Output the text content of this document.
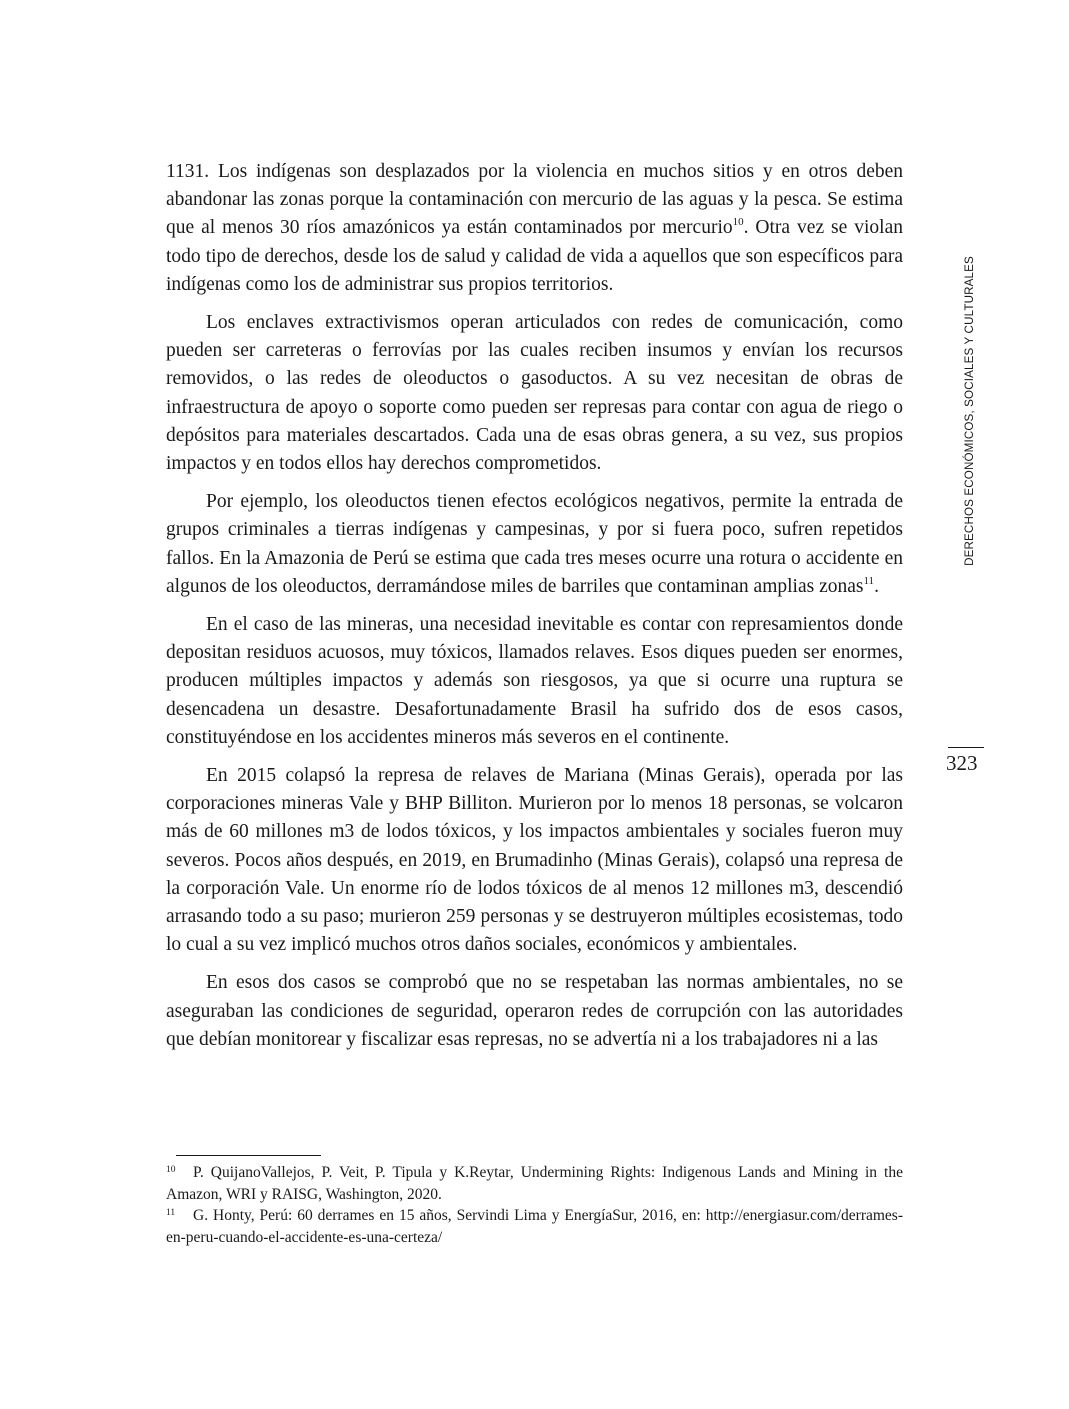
1131. Los indígenas son desplazados por la violencia en muchos sitios y en otros deben abandonar las zonas porque la contaminación con mercurio de las aguas y la pesca. Se estima que al menos 30 ríos amazónicos ya están contaminados por mercurio$^{10}$. Otra vez se violan todo tipo de derechos, desde los de salud y calidad de vida a aquellos que son específicos para indígenas como los de administrar sus propios territorios.

Los enclaves extractivismos operan articulados con redes de comunicación, como pueden ser carreteras o ferrovías por las cuales reciben insumos y envían los recursos removidos, o las redes de oleoductos o gasoductos. A su vez necesitan de obras de infraestructura de apoyo o soporte como pueden ser represas para contar con agua de riego o depósitos para materiales descartados. Cada una de esas obras genera, a su vez, sus propios impactos y en todos ellos hay derechos comprometidos.

Por ejemplo, los oleoductos tienen efectos ecológicos negativos, permite la entrada de grupos criminales a tierras indígenas y campesinas, y por si fuera poco, sufren repetidos fallos. En la Amazonia de Perú se estima que cada tres meses ocurre una rotura o accidente en algunos de los oleoductos, derramándose miles de barriles que contaminan amplias zonas$^{11}$.

En el caso de las mineras, una necesidad inevitable es contar con represamientos donde depositan residuos acuosos, muy tóxicos, llamados relaves. Esos diques pueden ser enormes, producen múltiples impactos y además son riesgosos, ya que si ocurre una ruptura se desencadena un desastre. Desafortunadamente Brasil ha sufrido dos de esos casos, constituyéndose en los accidentes mineros más severos en el continente.

En 2015 colapsó la represa de relaves de Mariana (Minas Gerais), operada por las corporaciones mineras Vale y BHP Billiton. Murieron por lo menos 18 personas, se volcaron más de 60 millones m3 de lodos tóxicos, y los impactos ambientales y sociales fueron muy severos. Pocos años después, en 2019, en Brumadinho (Minas Gerais), colapsó una represa de la corporación Vale. Un enorme río de lodos tóxicos de al menos 12 millones m3, descendió arrasando todo a su paso; murieron 259 personas y se destruyeron múltiples ecosistemas, todo lo cual a su vez implicó muchos otros daños sociales, económicos y ambientales.

En esos dos casos se comprobó que no se respetaban las normas ambientales, no se aseguraban las condiciones de seguridad, operaron redes de corrupción con las autoridades que debían monitorear y fiscalizar esas represas, no se advertía ni a los trabajadores ni a las

10 P. QuijanoVallejos, P. Veit, P. Tipula y K.Reytar, Undermining Rights: Indigenous Lands and Mining in the Amazon, WRI y RAISG, Washington, 2020.
11 G. Honty, Perú: 60 derrames en 15 años, Servindi Lima y EnergíaSur, 2016, en: http://energiasur.com/derrames-en-peru-cuando-el-accidente-es-una-certeza/
DERECHOS ECONÓMICOS, SOCIALES Y CULTURALES
323
